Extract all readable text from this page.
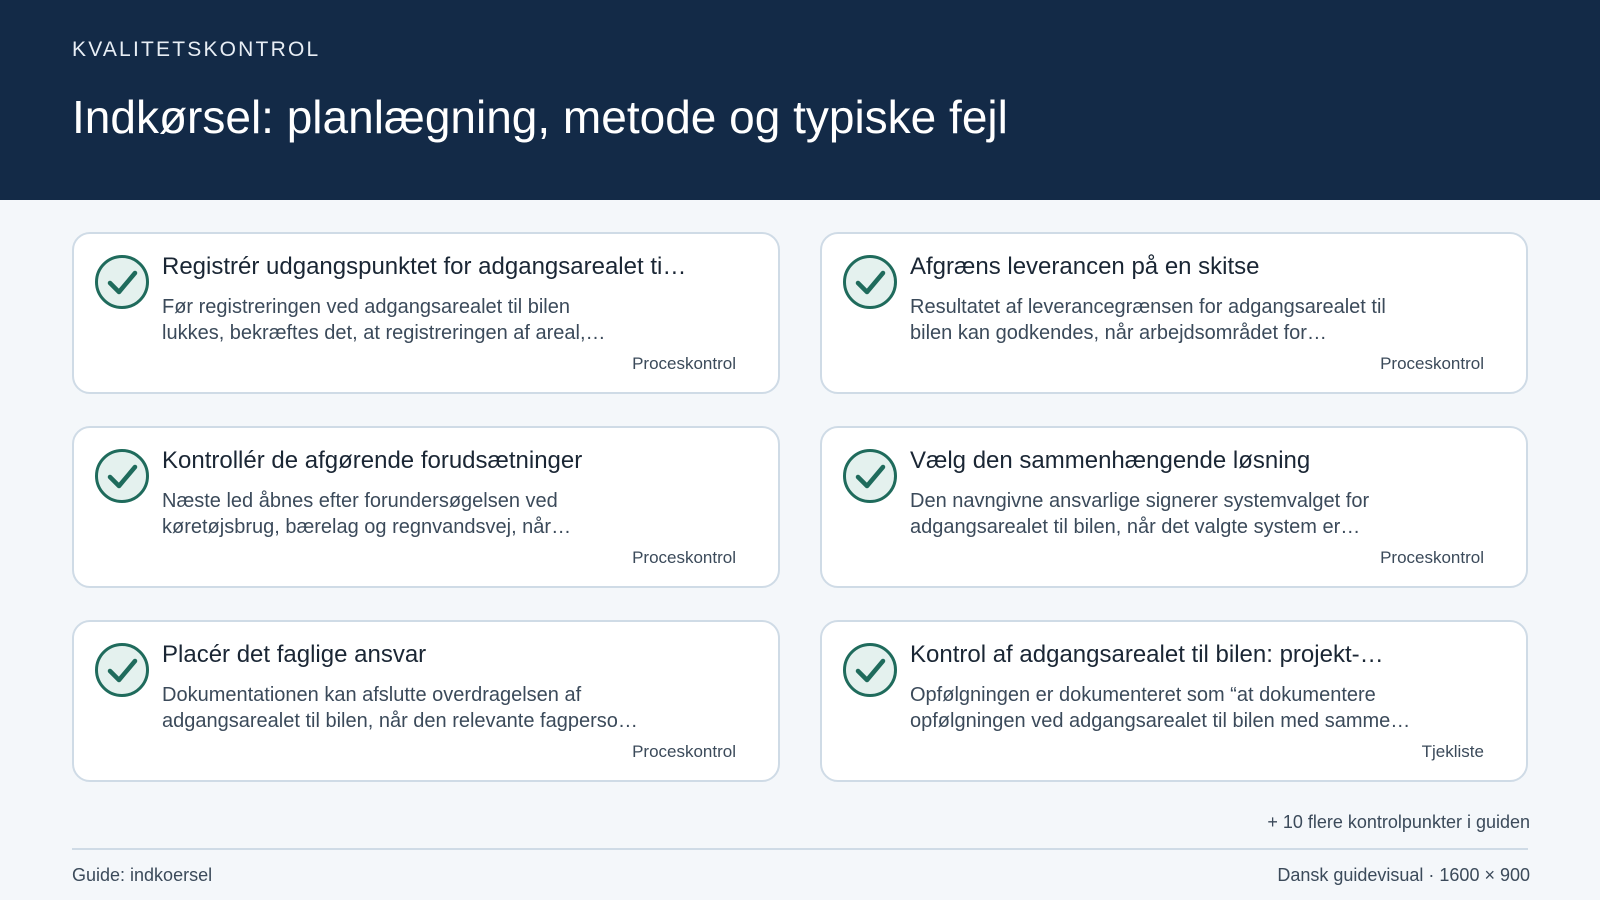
KVALITETSKONTROL
Indkørsel: planlægning, metode og typiske fejl
Registrér udgangspunktet for adgangsarealet ti…
Før registreringen ved adgangsarealet til bilen
lukkes, bekræftes det, at registreringen af areal,…
Proceskontrol
Afgræns leverancen på en skitse
Resultatet af leverancegrænsen for adgangsarealet til
bilen kan godkendes, når arbejdsområdet for…
Proceskontrol
Kontrollér de afgørende forudsætninger
Næste led åbnes efter forundersøgelsen ved
køretøjsbrug, bærelag og regnvandsvej, når…
Proceskontrol
Vælg den sammenhængende løsning
Den navngivne ansvarlige signerer systemvalget for
adgangsarealet til bilen, når det valgte system er…
Proceskontrol
Placér det faglige ansvar
Dokumentationen kan afslutte overdragelsen af
adgangsarealet til bilen, når den relevante fagperso…
Proceskontrol
Kontrol af adgangsarealet til bilen: projekt-…
Opfølgningen er dokumenteret som “at dokumentere
opfølgningen ved adgangsarealet til bilen med samme…
Tjekliste
+ 10 flere kontrolpunkter i guiden
Guide: indkoersel	Dansk guidevisual · 1600 × 900
